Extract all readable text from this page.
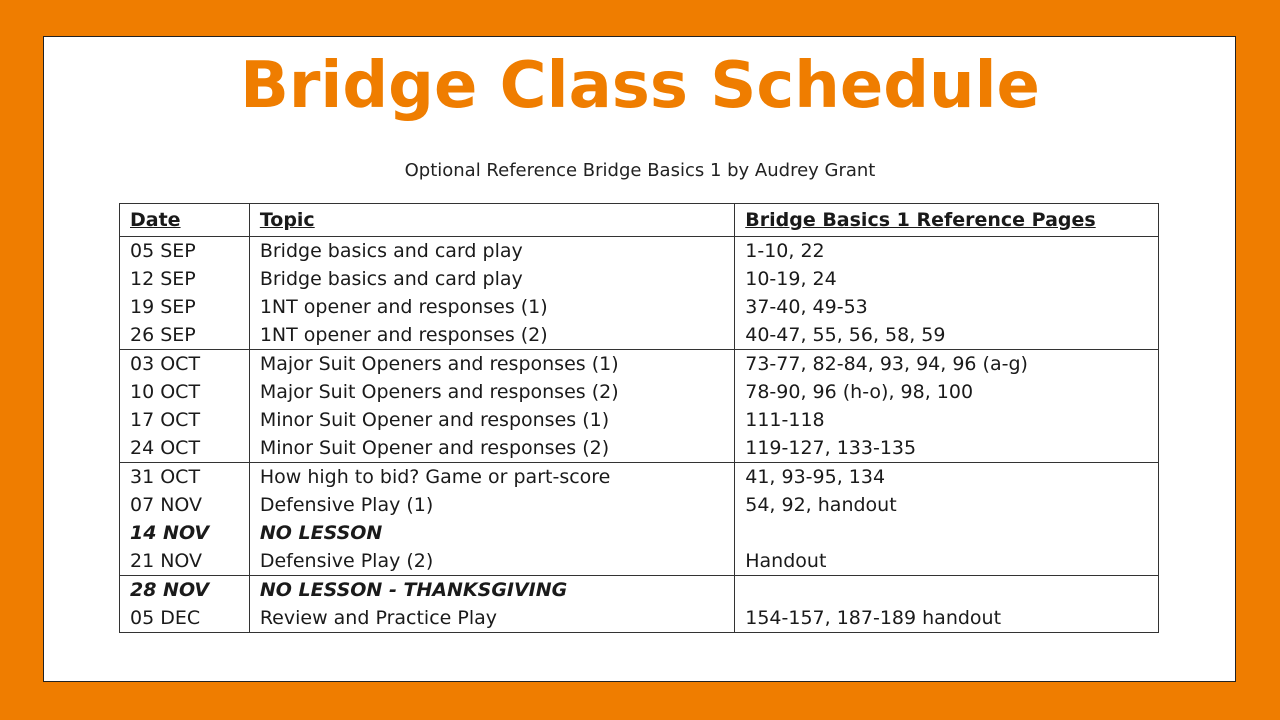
Bridge Class Schedule
Optional Reference Bridge Basics 1 by Audrey Grant
Date	Topic	Bridge Basics 1 Reference Pages
05 SEP	Bridge basics and card play	1-10, 22
12 SEP	Bridge basics and card play	10-19, 24
19 SEP	1NT opener and responses (1)	37-40, 49-53
26 SEP	1NT opener and responses (2)	40-47, 55, 56, 58, 59
03 OCT	Major Suit Openers and responses (1)	73-77, 82-84, 93, 94, 96 (a-g)
10 OCT	Major Suit Openers and responses (2)	78-90, 96 (h-o), 98, 100
17 OCT	Minor Suit Opener and responses (1)	111-118
24 OCT	Minor Suit Opener and responses (2)	119-127, 133-135
31 OCT	How high to bid? Game or part-score	41, 93-95, 134
07 NOV	Defensive Play (1)	54, 92, handout
14 NOV	NO LESSON	
21 NOV	Defensive Play (2)	Handout
28 NOV	NO LESSON - THANKSGIVING	
05 DEC	Review and Practice Play	154-157, 187-189 handout
